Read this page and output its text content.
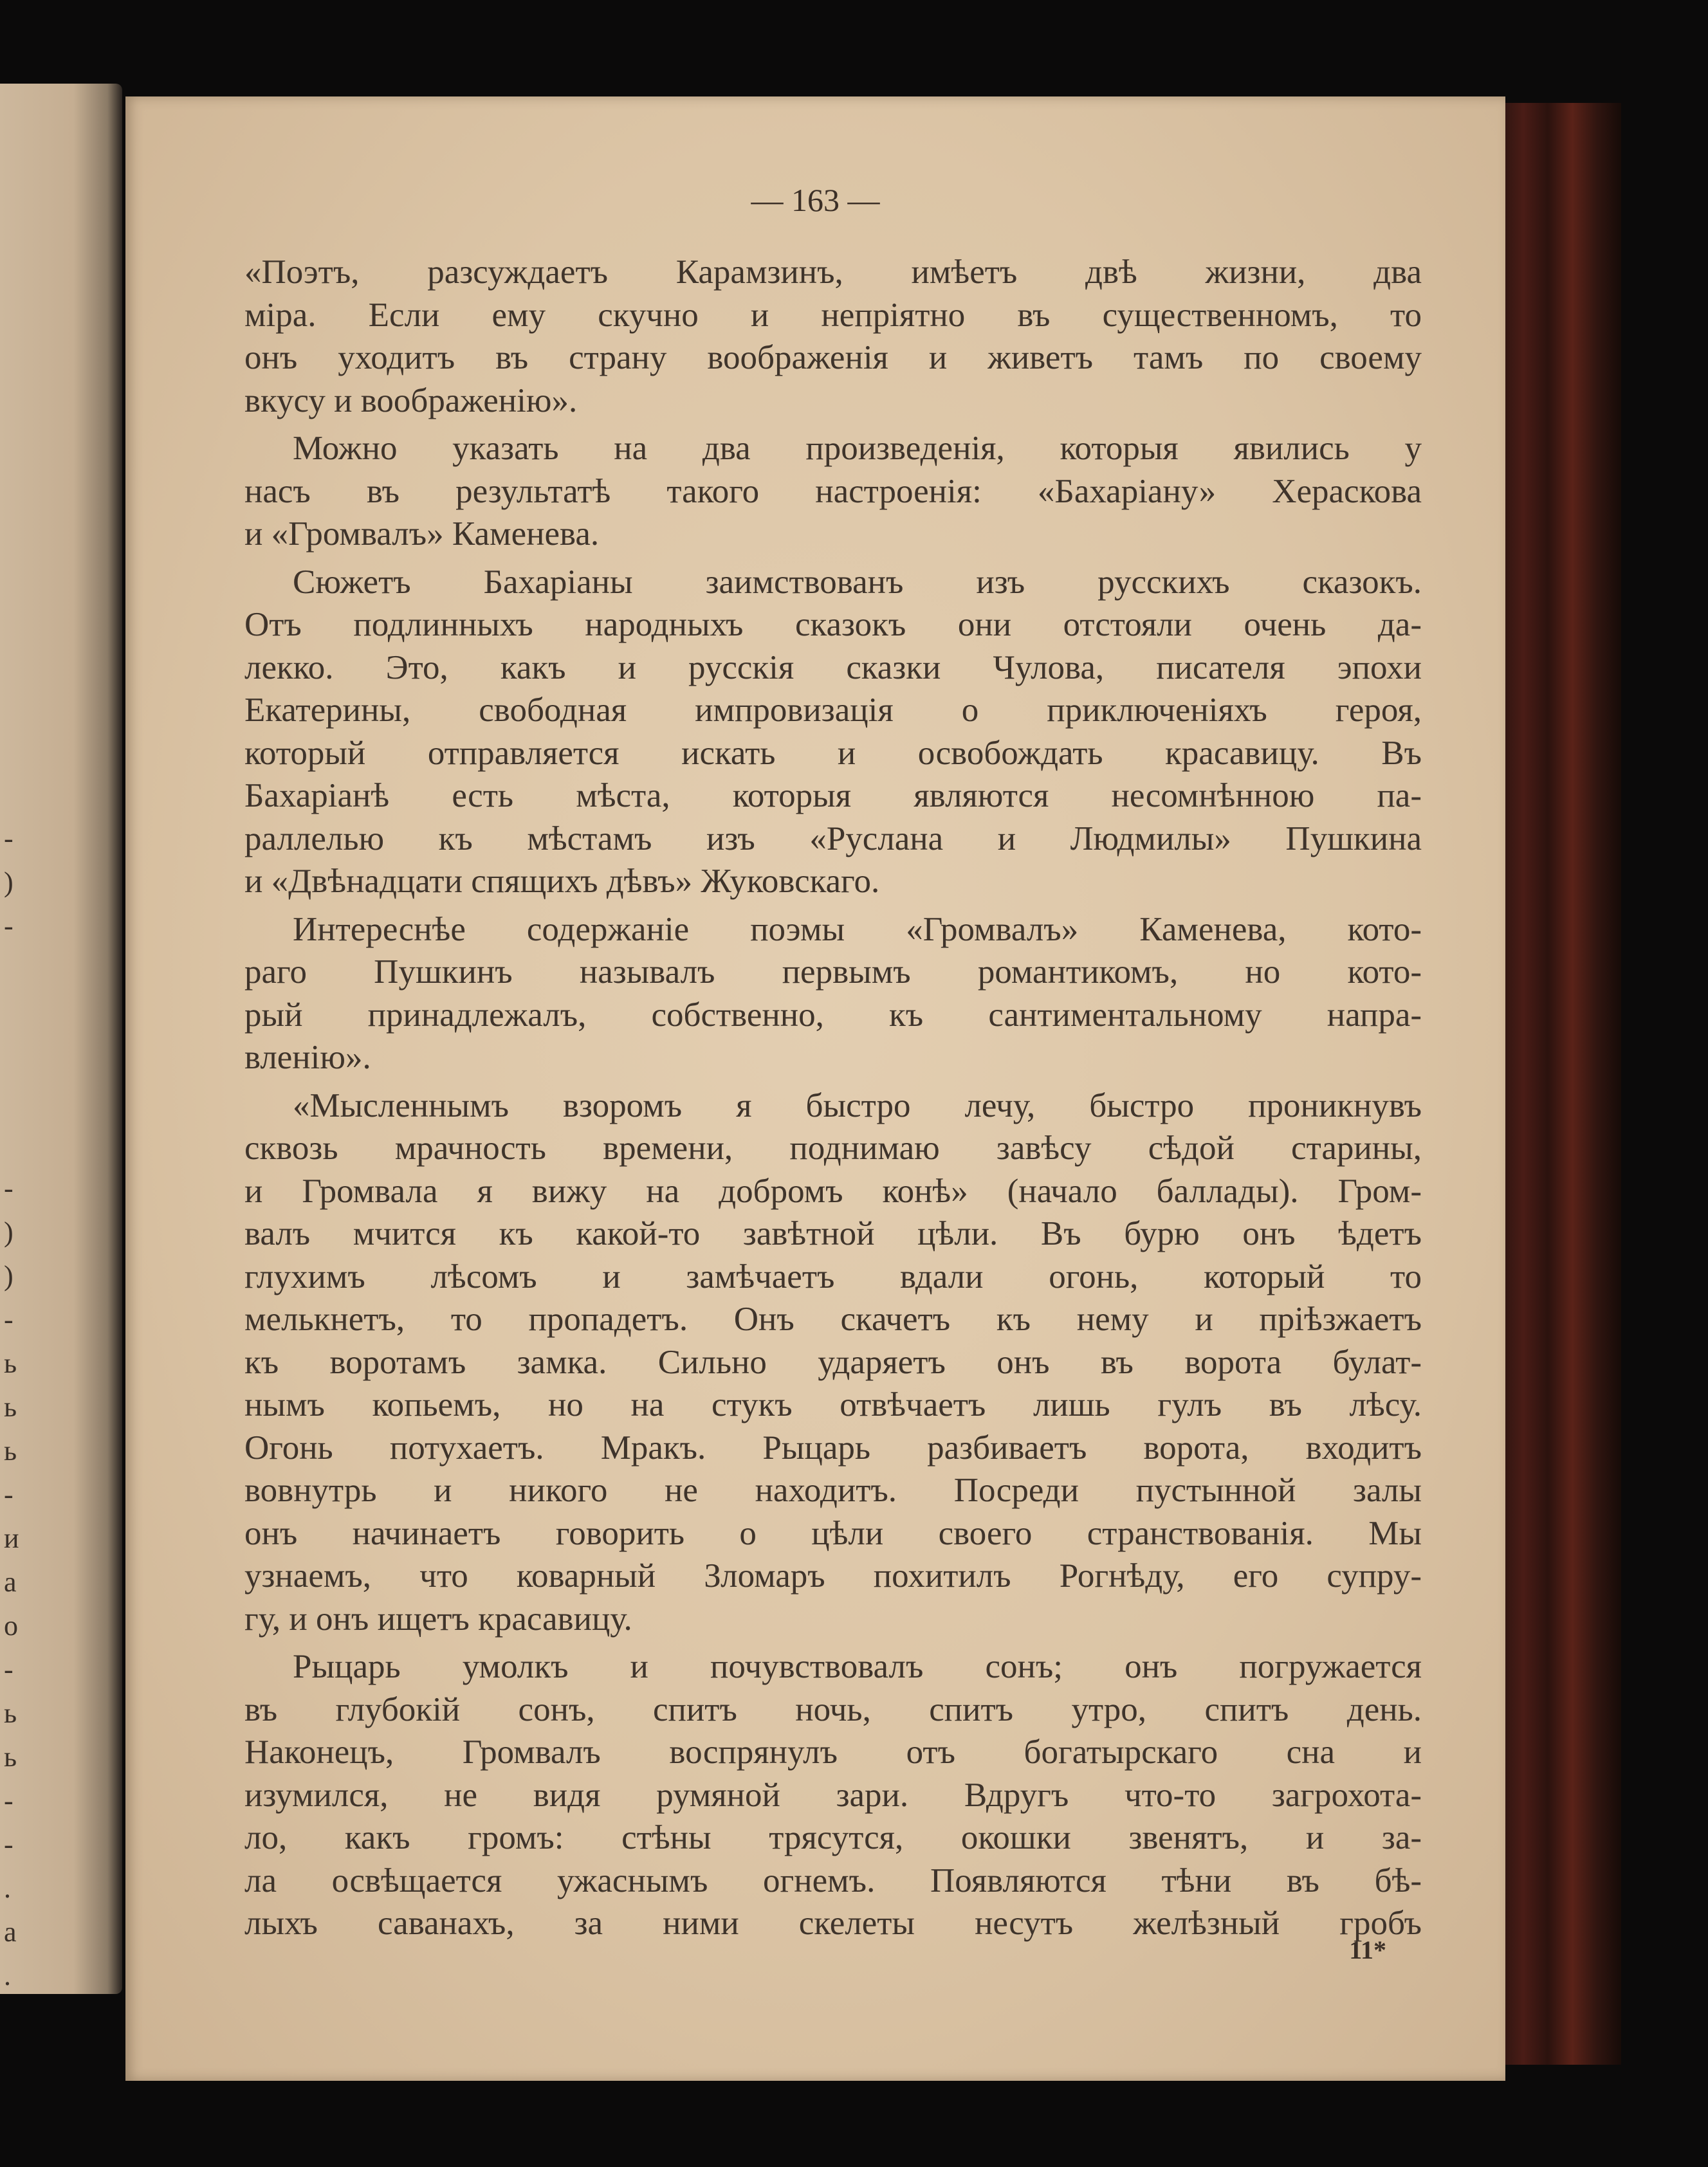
-
)
-
-
)
)
-
ь
ь
ь
-
и
а
о
-
ь
ь
-
-
.
а
.
— 163 —

«Поэтъ, разсуждаетъ Карамзинъ, имѣетъ двѣ жизни, два
міра. Если ему скучно и непріятно въ существенномъ, то
онъ уходитъ въ страну воображенія и живетъ тамъ по своему
вкусу и воображенію».

Можно указать на два произведенія, которыя явились у
насъ въ результатѣ такого настроенія: «Бахаріану» Хераскова
и «Громвалъ» Каменева.

Сюжетъ Бахаріаны заимствованъ изъ русскихъ сказокъ.
Отъ подлинныхъ народныхъ сказокъ они отстояли очень да-
лекко. Это, какъ и русскія сказки Чулова, писателя эпохи
Екатерины, свободная импровизація о приключеніяхъ героя,
который отправляется искать и освобождать красавицу. Въ
Бахаріанѣ есть мѣста, которыя являются несомнѣнною па-
раллелью къ мѣстамъ изъ «Руслана и Людмилы» Пушкина
и «Двѣнадцати спящихъ дѣвъ» Жуковскаго.

Интереснѣе содержаніе поэмы «Громвалъ» Каменева, кото-
раго Пушкинъ называлъ первымъ романтикомъ, но кото-
рый принадлежалъ, собственно, къ сантиментальному напра-
вленію».

«Мысленнымъ взоромъ я быстро лечу, быстро проникнувъ
сквозь мрачность времени, поднимаю завѣсу сѣдой старины,
и Громвала я вижу на добромъ конѣ» (начало баллады). Гром-
валъ мчится къ какой-то завѣтной цѣли. Въ бурю онъ ѣдетъ
глухимъ лѣсомъ и замѣчаетъ вдали огонь, который то
мелькнетъ, то пропадетъ. Онъ скачетъ къ нему и пріѣзжаетъ
къ воротамъ замка. Сильно ударяетъ онъ въ ворота булат-
нымъ копьемъ, но на стукъ отвѣчаетъ лишь гулъ въ лѣсу.
Огонь потухаетъ. Мракъ. Рыцарь разбиваетъ ворота, входитъ
вовнутрь и никого не находитъ. Посреди пустынной залы
онъ начинаетъ говорить о цѣли своего странствованія. Мы
узнаемъ, что коварный Зломаръ похитилъ Рогнѣду, его супру-
гу, и онъ ищетъ красавицу.

Рыцарь умолкъ и почувствовалъ сонъ; онъ погружается
въ глубокій сонъ, спитъ ночь, спитъ утро, спитъ день.
Наконецъ, Громвалъ воспрянулъ отъ богатырскаго сна и
изумился, не видя румяной зари. Вдругъ что-то загрохота-
ло, какъ громъ: стѣны трясутся, окошки звенятъ, и за-
ла освѣщается ужаснымъ огнемъ. Появляются тѣни въ бѣ-
лыхъ саванахъ, за ними скелеты несутъ желѣзный гробъ

11*
